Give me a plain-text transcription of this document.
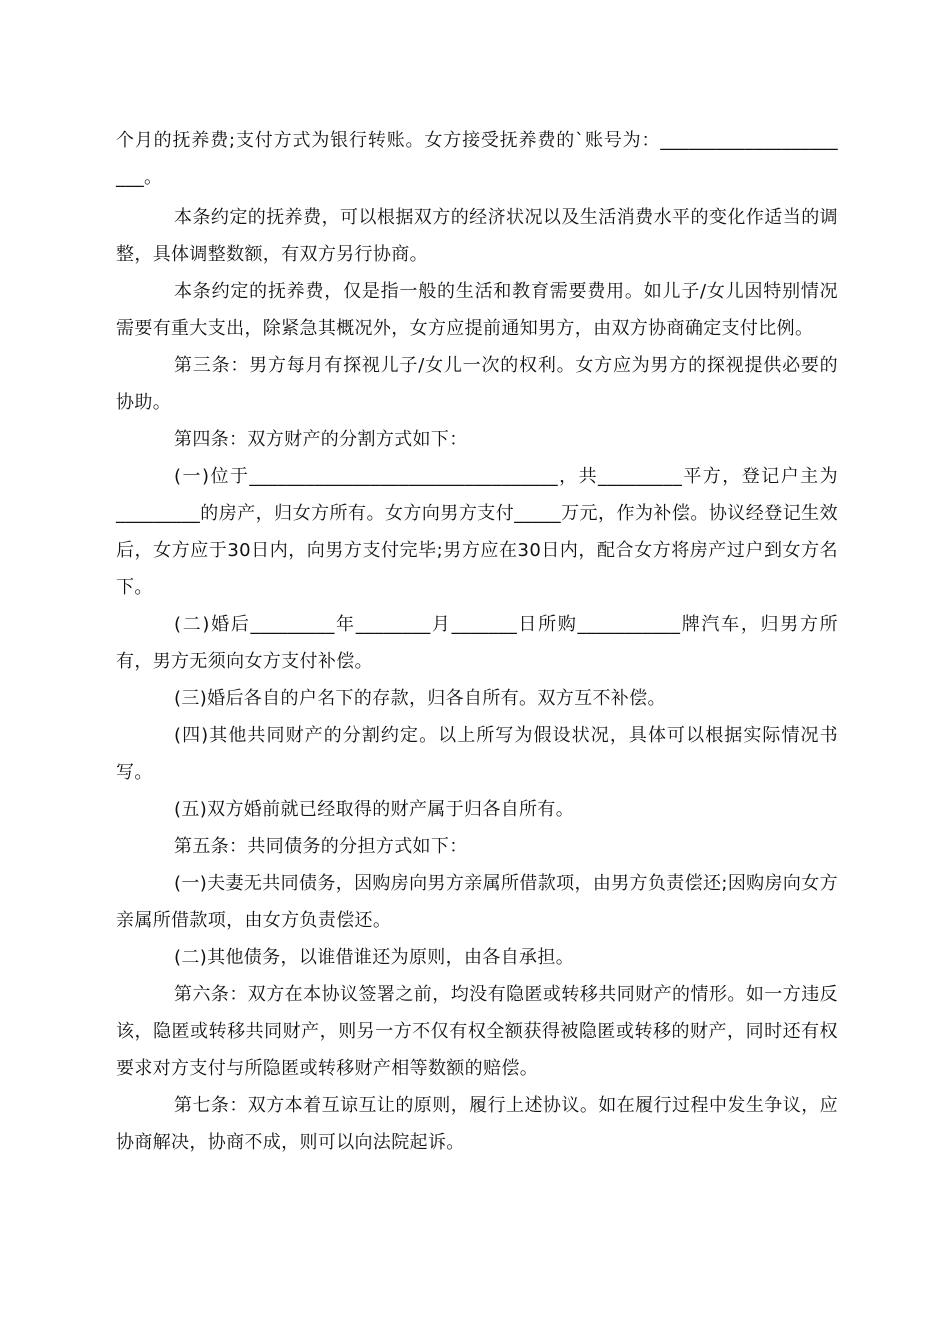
个月的抚养费;支付方式为银行转账。女方接受抚养费的`账号为：___________________ ___。

本条约定的抚养费，可以根据双方的经济状况以及生活消费水平的变化作适当的调整，具体调整数额，有双方另行协商。

本条约定的抚养费，仅是指一般的生活和教育需要费用。如儿子/女儿因特别情况需要有重大支出，除紧急其概况外，女方应提前通知男方，由双方协商确定支付比例。

第三条：男方每月有探视儿子/女儿一次的权利。女方应为男方的探视提供必要的协助。

第四条：双方财产的分割方式如下：

(一)位于_________________________________，共_________平方，登记户主为_________的房产，归女方所有。女方向男方支付_____万元，作为补偿。协议经登记生效后，女方应于30日内，向男方支付完毕;男方应在30日内，配合女方将房产过户到女方名下。

(二)婚后_________年________月_______日所购___________牌汽车，归男方所有，男方无须向女方支付补偿。

(三)婚后各自的户名下的存款，归各自所有。双方互不补偿。

(四)其他共同财产的分割约定。以上所写为假设状况，具体可以根据实际情况书写。

(五)双方婚前就已经取得的财产属于归各自所有。

第五条：共同债务的分担方式如下：

(一)夫妻无共同债务，因购房向男方亲属所借款项，由男方负责偿还;因购房向女方亲属所借款项，由女方负责偿还。

(二)其他债务，以谁借谁还为原则，由各自承担。

第六条：双方在本协议签署之前，均没有隐匿或转移共同财产的情形。如一方违反该，隐匿或转移共同财产，则另一方不仅有权全额获得被隐匿或转移的财产，同时还有权要求对方支付与所隐匿或转移财产相等数额的赔偿。

第七条：双方本着互谅互让的原则，履行上述协议。如在履行过程中发生争议，应协商解决，协商不成，则可以向法院起诉。
